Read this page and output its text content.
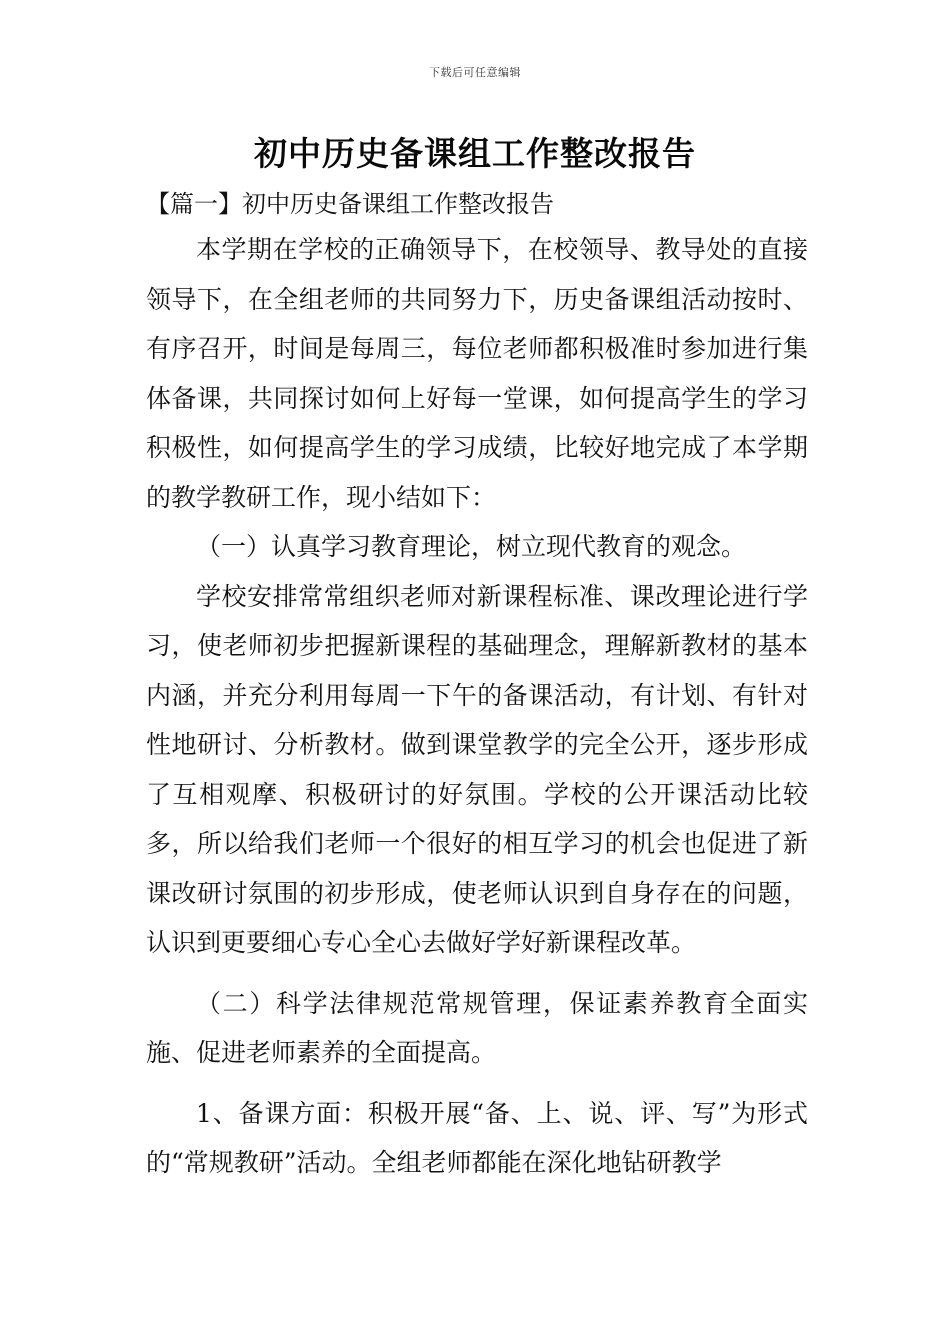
下载后可任意编辑
初中历史备课组工作整改报告
【篇一】初中历史备课组工作整改报告

本学期在学校的正确领导下，在校领导、教导处的直接领导下，在全组老师的共同努力下，历史备课组活动按时、有序召开，时间是每周三，每位老师都积极准时参加进行集体备课，共同探讨如何上好每一堂课，如何提高学生的学习积极性，如何提高学生的学习成绩，比较好地完成了本学期的教学教研工作，现小结如下：

（一）认真学习教育理论，树立现代教育的观念。

学校安排常常组织老师对新课程标准、课改理论进行学习，使老师初步把握新课程的基础理念，理解新教材的基本内涵，并充分利用每周一下午的备课活动，有计划、有针对性地研讨、分析教材。做到课堂教学的完全公开，逐步形成了互相观摩、积极研讨的好氛围。学校的公开课活动比较多，所以给我们老师一个很好的相互学习的机会也促进了新课改研讨氛围的初步形成，使老师认识到自身存在的问题，认识到更要细心专心全心去做好学好新课程改革。

（二）科学法律规范常规管理，保证素养教育全面实施、促进老师素养的全面提高。

1、备课方面：积极开展“备、上、说、评、写”为形式的“常规教研”活动。全组老师都能在深化地钻研教学
